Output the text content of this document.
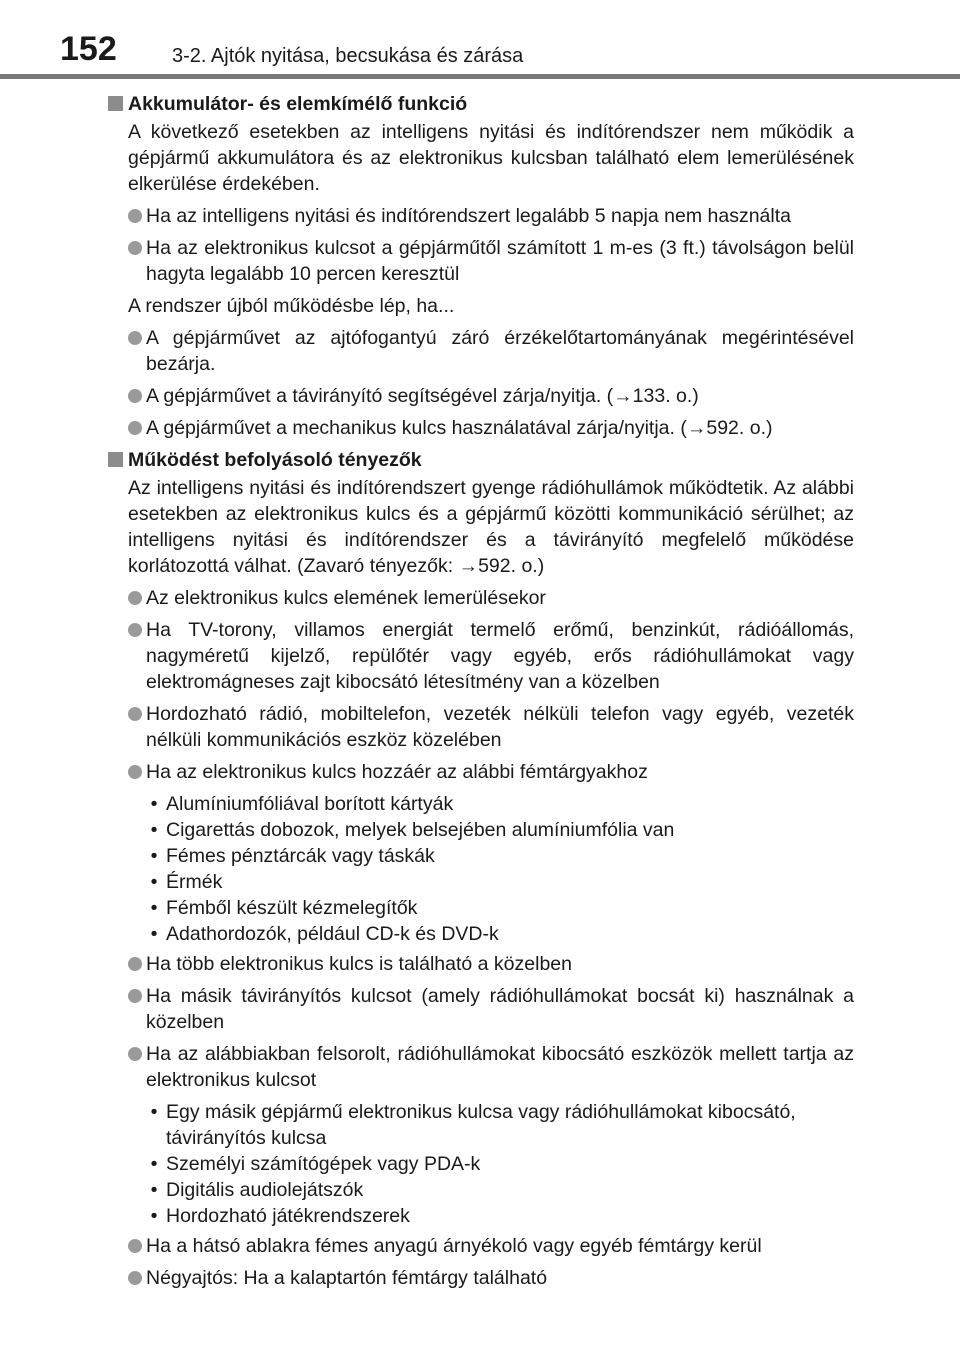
152	3-2. Ajtók nyitása, becsukása és zárása
Akkumulátor- és elemkímélő funkció
A következő esetekben az intelligens nyitási és indítórendszer nem működik a gépjármű akkumulátora és az elektronikus kulcsban található elem lemerülésének elkerülése érdekében.
Ha az intelligens nyitási és indítórendszert legalább 5 napja nem használta
Ha az elektronikus kulcsot a gépjárműtől számított 1 m-es (3 ft.) távolságon belül hagyta legalább 10 percen keresztül
A rendszer újból működésbe lép, ha...
A gépjárművet az ajtófogantyú záró érzékelőtartományának megérintésével bezárja.
A gépjárművet a távirányító segítségével zárja/nyitja. (→133. o.)
A gépjárművet a mechanikus kulcs használatával zárja/nyitja. (→592. o.)
Működést befolyásoló tényezők
Az intelligens nyitási és indítórendszert gyenge rádióhullámok működtetik. Az alábbi esetekben az elektronikus kulcs és a gépjármű közötti kommunikáció sérülhet; az intelligens nyitási és indítórendszer és a távirányító megfelelő működése korlátozottá válhat. (Zavaró tényezők: →592. o.)
Az elektronikus kulcs elemének lemerülésekor
Ha TV-torony, villamos energiát termelő erőmű, benzinkút, rádióállomás, nagyméretű kijelző, repülőtér vagy egyéb, erős rádióhullámokat vagy elektromágneses zajt kibocsátó létesítmény van a közelben
Hordozható rádió, mobiltelefon, vezeték nélküli telefon vagy egyéb, vezeték nélküli kommunikációs eszköz közelében
Ha az elektronikus kulcs hozzáér az alábbi fémtárgyakhoz
• Alumíniumfóliával borított kártyák
• Cigarettás dobozok, melyek belsejében alumíniumfólia van
• Fémes pénztárcák vagy táskák
• Érmék
• Fémből készült kézmelegítők
• Adathordozók, például CD-k és DVD-k
Ha több elektronikus kulcs is található a közelben
Ha másik távirányítós kulcsot (amely rádióhullámokat bocsát ki) használnak a közelben
Ha az alábbiakban felsorolt, rádióhullámokat kibocsátó eszközök mellett tartja az elektronikus kulcsot
• Egy másik gépjármű elektronikus kulcsa vagy rádióhullámokat kibocsátó, távirányítós kulcsa
• Személyi számítógépek vagy PDA-k
• Digitális audiolejátszók
• Hordozható játékrendszerek
Ha a hátsó ablakra fémes anyagú árnyékoló vagy egyéb fémtárgy kerül
Négyajtós: Ha a kalaptartón fémtárgy található
